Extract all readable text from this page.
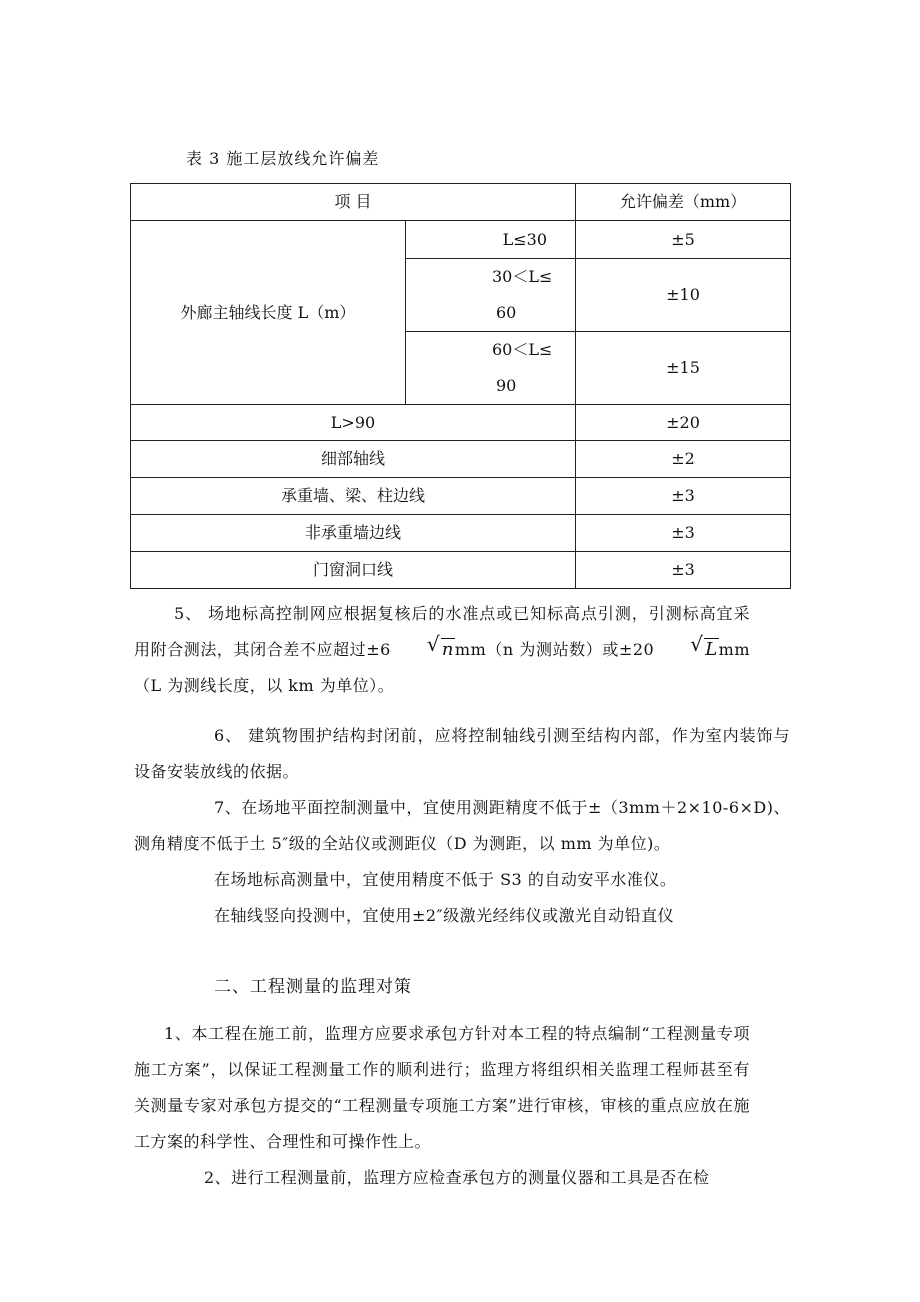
表 3 施工层放线允许偏差
项 目		允许偏差（mm）
外廊主轴线长度 L（m）	L≤30	±5

	30＜L≤
60	±10

	60＜L≤
90	±15
L>90		±20
细部轴线		±2
承重墙、梁、柱边线		±3
非承重墙边线		±3
门窗洞口线		±3
5、 场地标高控制网应根据复核后的水准点或已知标高点引测，引测标高宜采用附合测法，其闭合差不应超过±6	√ nmm（n 为测站数）或±20	√ Lmm（L 为测线长度，以 km 为单位）。
6、 建筑物围护结构封闭前，应将控制轴线引测至结构内部，作为室内装饰与设备安装放线的依据。
7、在场地平面控制测量中，宜使用测距精度不低于±（3mm＋2×10-6×D)、测角精度不低于土 5″级的全站仪或测距仪（D 为测距，以 mm 为单位)。
在场地标高测量中，宜使用精度不低于 S3 的自动安平水准仪。
在轴线竖向投测中，宜使用±2″级激光经纬仪或激光自动铅直仪
二、工程测量的监理对策
1、本工程在施工前，监理方应要求承包方针对本工程的特点编制“工程测量专项施工方案”，以保证工程测量工作的顺利进行；监理方将组织相关监理工程师甚至有关测量专家对承包方提交的“工程测量专项施工方案”进行审核，审核的重点应放在施工方案的科学性、合理性和可操作性上。
2、进行工程测量前，监理方应检查承包方的测量仪器和工具是否在检
